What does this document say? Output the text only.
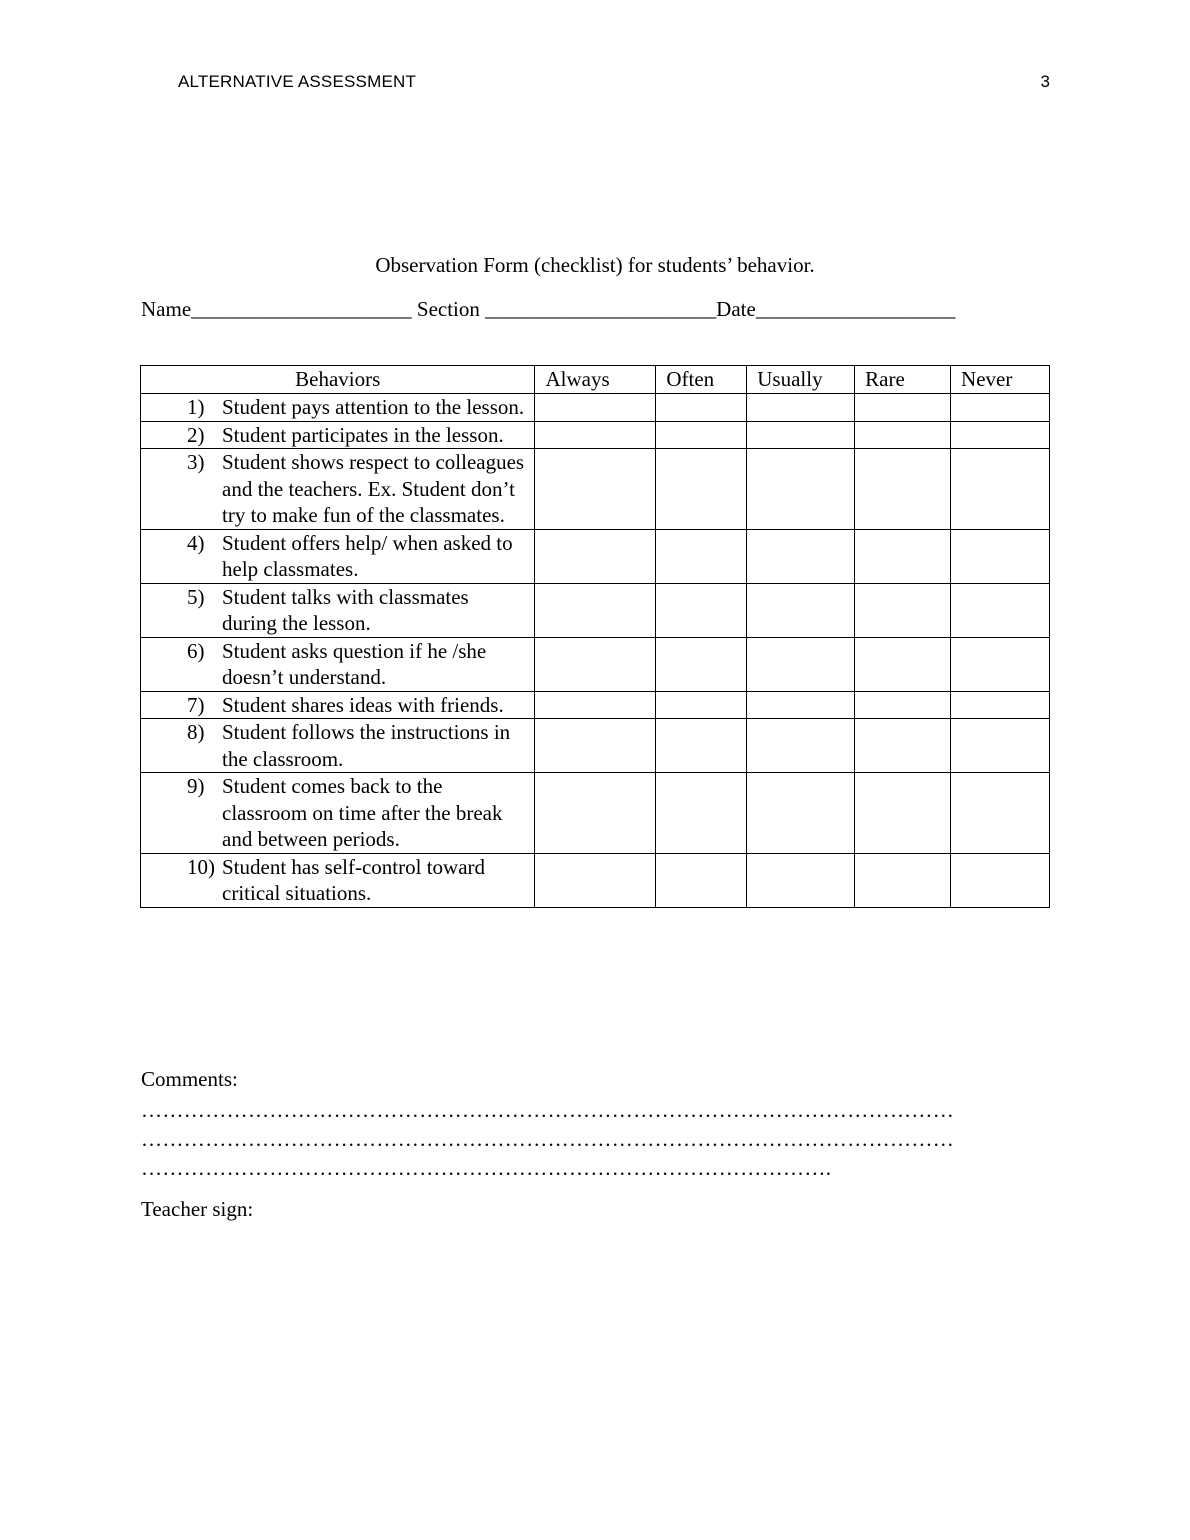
ALTERNATIVE ASSESSMENT	3
Observation Form (checklist) for students’ behavior.
Name_____________________ Section ______________________Date___________________
Behaviors	Always	Often	Usually	Rare	Never

1) Student pays attention to the lesson.					

2) Student participates in the lesson.					

3) Student shows respect to colleagues and the teachers. Ex. Student don’t try to make fun of the classmates.					

4) Student offers help/ when asked to help classmates.					

5) Student talks with classmates during the lesson.					

6) Student asks question if he /she doesn’t understand.					

7) Student shares ideas with friends.					

8) Student follows the instructions in the classroom.					

9) Student comes back to the classroom on time after the break and between periods.					

10) Student has self-control toward critical situations.					

Comments:
……………………………………………………………………………………………………
……………………………………………………………………………………………………
…………………………………………………………………………………….
Teacher sign:
